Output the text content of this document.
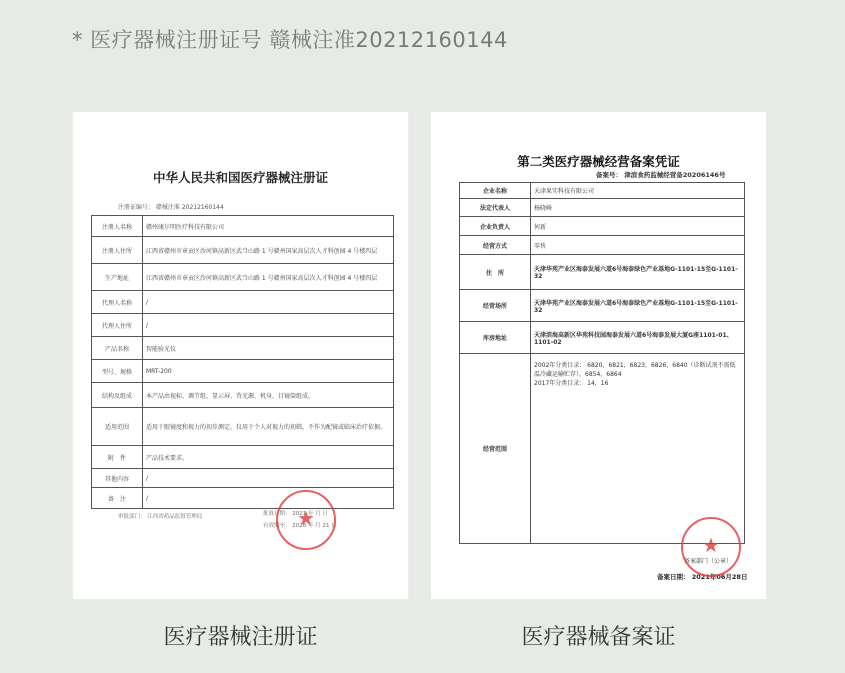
* 医疗器械注册证号 赣械注准20212160144
中华人民共和国医疗器械注册证
注册证编号： 赣械注准 20212160144
注册人名称	赣州康尔明医疗科技有限公司
注册人住所	江西省赣州市章贡区沙河镇高新区武当山路 1 号赣州国家高层次人才科创园 4 号楼四层
生产地址	江西省赣州市章贡区沙河镇高新区武当山路 1 号赣州国家高层次人才科创园 4 号楼四层
代理人名称	/
代理人住所	/
产品名称	智能验光仪
型号、规格	MRT-200
结构及组成	本产品由视标、调节组、显示屏、背光源、机身、目镜筒组成。
适用范围	适用于眼镜度和视力的初步测定，仅用于个人对视力的初筛，不作为配镜或临床治疗依据。
附　件	产品技术要求。
其他内容	/
备　注	/
审批部门： 江西省药品监督管理局	批准日期： 2021 年 月 日
有效期至： 2026 年 月 21 日
★
第二类医疗器械经营备案凭证
备案号： 津滨食药监械经营备20206146号
企业名称	天津果实科技有限公司
法定代表人	杨晓峰
企业负责人	何新
经营方式	零售
住　所	天津华苑产业区海泰发展六道6号海泰绿色产业基地G-1101-15至G-1101-32
经营场所	天津华苑产业区海泰发展六道6号海泰绿色产业基地G-1101-15至G-1101-32
库房地址	天津滨海高新区华苑科技园海泰发展六道6号海泰发展大厦G座1101-01、1101-02
经营范围	2002年分类目录： 6820，6821，6823，6826，6840（诊断试剂不需低温冷藏运输贮存），6854，6864
2017年分类目录： 14，16
备案部门（公章）
备案日期： 2021年06月28日
★
医疗器械注册证	医疗器械备案证
